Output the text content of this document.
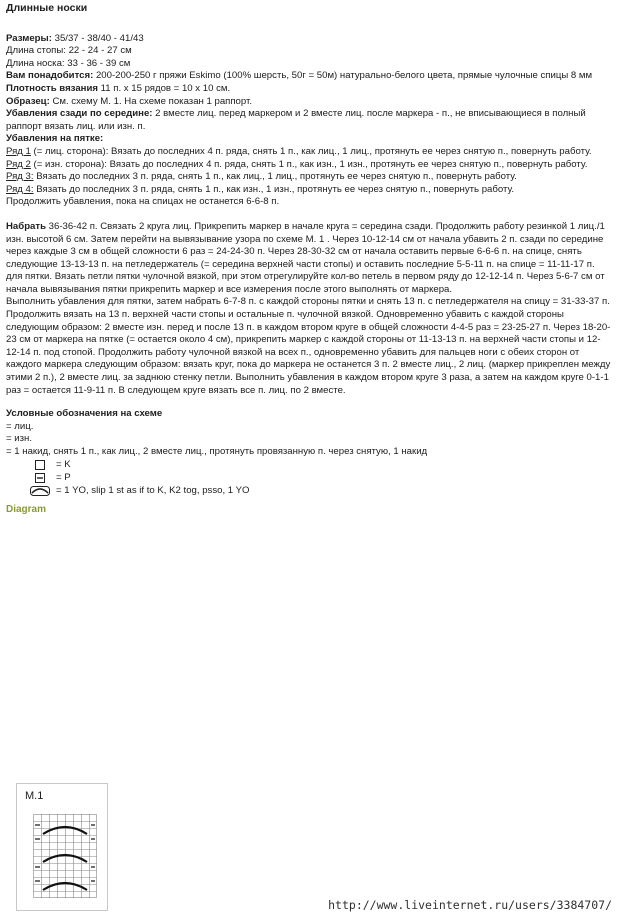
Длинные носки

Размеры: 35/37 - 38/40 - 41/43

Длина стопы: 22 - 24 - 27 см

Длина носка: 33 - 36 - 39 см

Вам понадобится: 200-200-250 г пряжи Eskimo (100% шерсть, 50г = 50м) натурально-белого цвета, прямые чулочные спицы 8 мм

Плотность вязания 11 п. х 15 рядов = 10 х 10 см.

Образец: См. схему М. 1. На схеме показан 1 раппорт.

Убавления сзади по середине: 2 вместе лиц. перед маркером и 2 вместе лиц. после маркера - п., не вписывающиеся в полный раппорт вязать лиц. или изн. п.

Убавления на пятке:

Ряд 1 (= лиц. сторона): Вязать до последних 4 п. ряда, снять 1 п., как лиц., 1 лиц., протянуть ее через снятую п., повернуть работу.

Ряд 2 (= изн. сторона): Вязать до последних 4 п. ряда, снять 1 п., как изн., 1 изн., протянуть ее через снятую п., повернуть работу.

Ряд 3: Вязать до последних 3 п. ряда, снять 1 п., как лиц., 1 лиц., протянуть ее через снятую п., повернуть работу.

Ряд 4: Вязать до последних 3 п. ряда, снять 1 п., как изн., 1 изн., протянуть ее через снятую п., повернуть работу.

Продолжить убавления, пока на спицах не останется 6-6-8 п.

Набрать 36-36-42 п. Связать 2 круга лиц. Прикрепить маркер в начале круга = середина сзади. Продолжить работу резинкой 1 лиц./1 изн. высотой 6 см. Затем перейти на вывязывание узора по схеме М. 1 . Через 10-12-14 см от начала убавить 2 п. сзади по середине через каждые 3 см в общей сложности 6 раз = 24-24-30 п. Через 28-30-32 см от начала оставить первые 6-6-6 п. на спице, снять следующие 13-13-13 п. на петледержатель (= середина верхней части стопы) и оставить последние 5-5-11 п. на спице = 11-11-17 п. для пятки. Вязать петли пятки чулочной вязкой, при этом отрегулируйте кол-во петель в первом ряду до 12-12-14 п. Через 5-6-7 см от начала вывязывания пятки прикрепить маркер и все измерения после этого выполнять от маркера.

Выполнить убавления для пятки, затем набрать 6-7-8 п. с каждой стороны пятки и снять 13 п. с петледержателя на спицу = 31-33-37 п. Продолжить вязать на 13 п. верхней части стопы и остальные п. чулочной вязкой. Одновременно убавить с каждой стороны следующим образом: 2 вместе изн. перед и после 13 п. в каждом втором круге в общей сложности 4-4-5 раз = 23-25-27 п. Через 18-20-23 см от маркера на пятке (= остается около 4 см), прикрепить маркер с каждой стороны от 11-13-13 п. на верхней части стопы и 12-12-14 п. под стопой. Продолжить работу чулочной вязкой на всех п., одновременно убавить для пальцев ноги с обеих сторон от каждого маркера следующим образом: вязать круг, пока до маркера не останется 3 п. 2 вместе лиц., 2 лиц. (маркер прикреплен между этими 2 п.), 2 вместе лиц. за заднюю стенку петли. Выполнить убавления в каждом втором круге 3 раза, а затем на каждом круге 0-1-1 раз = остается 11-9-11 п. В следующем круге вязать все п. лиц. по 2 вместе.

Условные обозначения на схеме

= лиц.

= изн.

= 1 накид, снять 1 п., как лиц., 2 вместе лиц., протянуть провязанную п. через снятую, 1 накид

= K
= P
= 1 YO, slip 1 st as if to K, K2 tog, psso, 1 YO

Diagram

M.1
http://www.liveinternet.ru/users/3384707/
